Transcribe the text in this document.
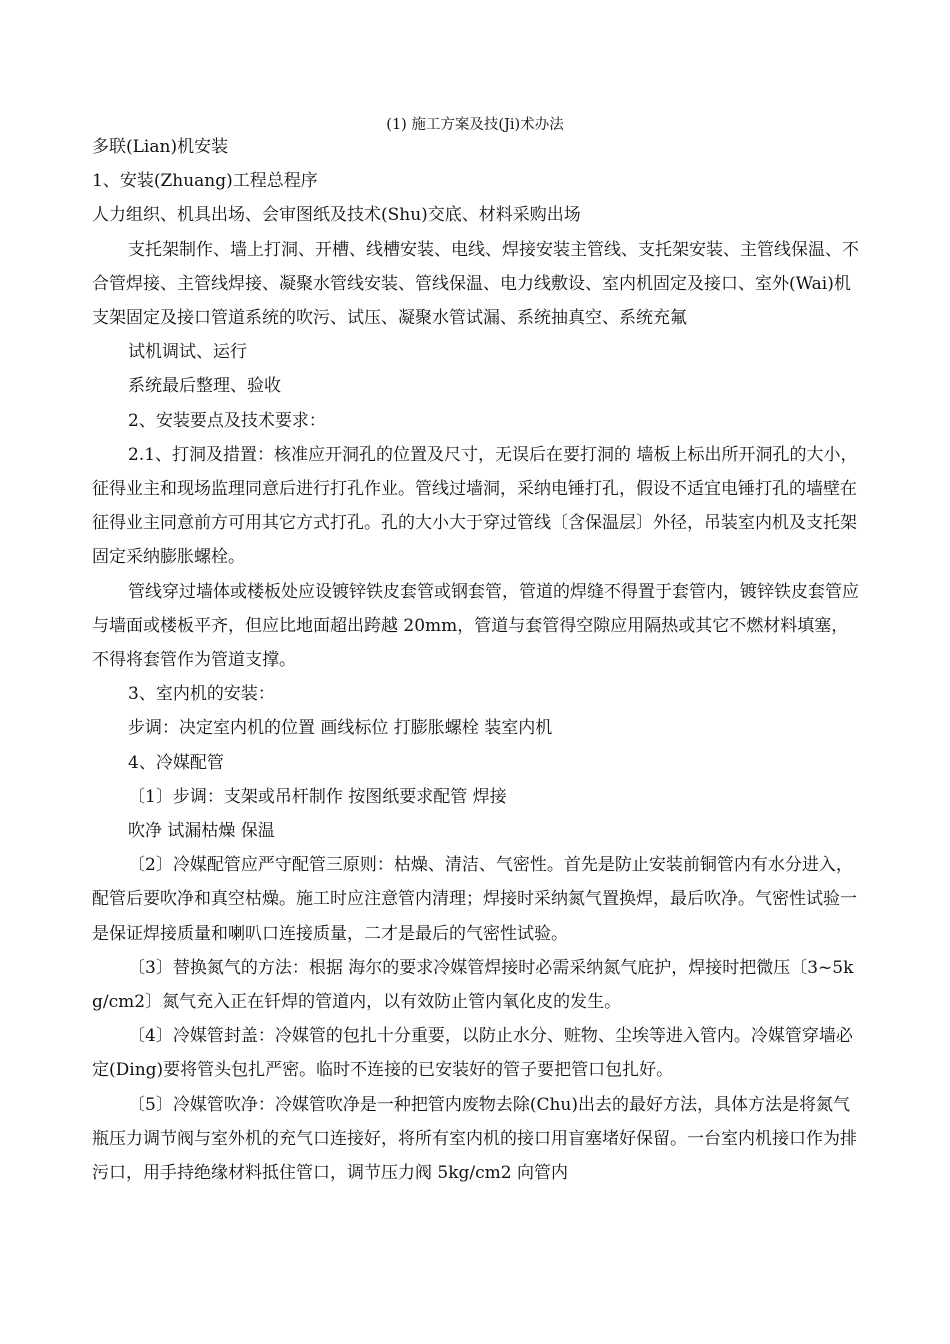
(1) 施工方案及技(Ji)术办法

多联(Lian)机安装

1、安装(Zhuang)工程总程序

人力组织、机具出场、会审图纸及技术(Shu)交底、材料采购出场

支托架制作、墙上打洞、开槽、线槽安装、电线、焊接安装主管线、支托架安装、主管线保温、不合管焊接、主管线焊接、凝聚水管线安装、管线保温、电力线敷设、室内机固定及接口、室外(Wai)机支架固定及接口管道系统的吹污、试压、凝聚水管试漏、系统抽真空、系统充氟

试机调试、运行

系统最后整理、验收

2、安装要点及技术要求：

2.1、打洞及措置：核准应开洞孔的位置及尺寸，无误后在要打洞的 墙板上标出所开洞孔的大小，征得业主和现场监理同意后进行打孔作业。管线过墙洞，采纳电锤打孔，假设不适宜电锤打孔的墙壁在征得业主同意前方可用其它方式打孔。孔的大小大于穿过管线〔含保温层〕外径，吊装室内机及支托架固定采纳膨胀螺栓。

管线穿过墙体或楼板处应设镀锌铁皮套管或钢套管，管道的焊缝不得置于套管内，镀锌铁皮套管应与墙面或楼板平齐，但应比地面超出跨越 20mm，管道与套管得空隙应用隔热或其它不燃材料填塞，不得将套管作为管道支撑。

3、室内机的安装：

步调：决定室内机的位置 画线标位 打膨胀螺栓 装室内机

4、冷媒配管

〔1〕步调：支架或吊杆制作 按图纸要求配管 焊接

吹净 试漏枯燥 保温

〔2〕冷媒配管应严守配管三原则：枯燥、清洁、气密性。首先是防止安装前铜管内有水分进入，配管后要吹净和真空枯燥。施工时应注意管内清理；焊接时采纳氮气置换焊，最后吹净。气密性试验一是保证焊接质量和喇叭口连接质量，二才是最后的气密性试验。

〔3〕替换氮气的方法：根据 海尔的要求冷媒管焊接时必需采纳氮气庇护，焊接时把微压〔3~5kg/cm2〕氮气充入正在钎焊的管道内，以有效防止管内氧化皮的发生。

〔4〕冷媒管封盖：冷媒管的包扎十分重要，以防止水分、赃物、尘埃等进入管内。冷媒管穿墙必定(Ding)要将管头包扎严密。临时不连接的已安装好的管子要把管口包扎好。

〔5〕冷媒管吹净：冷媒管吹净是一种把管内废物去除(Chu)出去的最好方法，具体方法是将氮气瓶压力调节阀与室外机的充气口连接好，将所有室内机的接口用盲塞堵好保留。一台室内机接口作为排污口，用手持绝缘材料抵住管口，调节压力阀 5kg/cm2 向管内
